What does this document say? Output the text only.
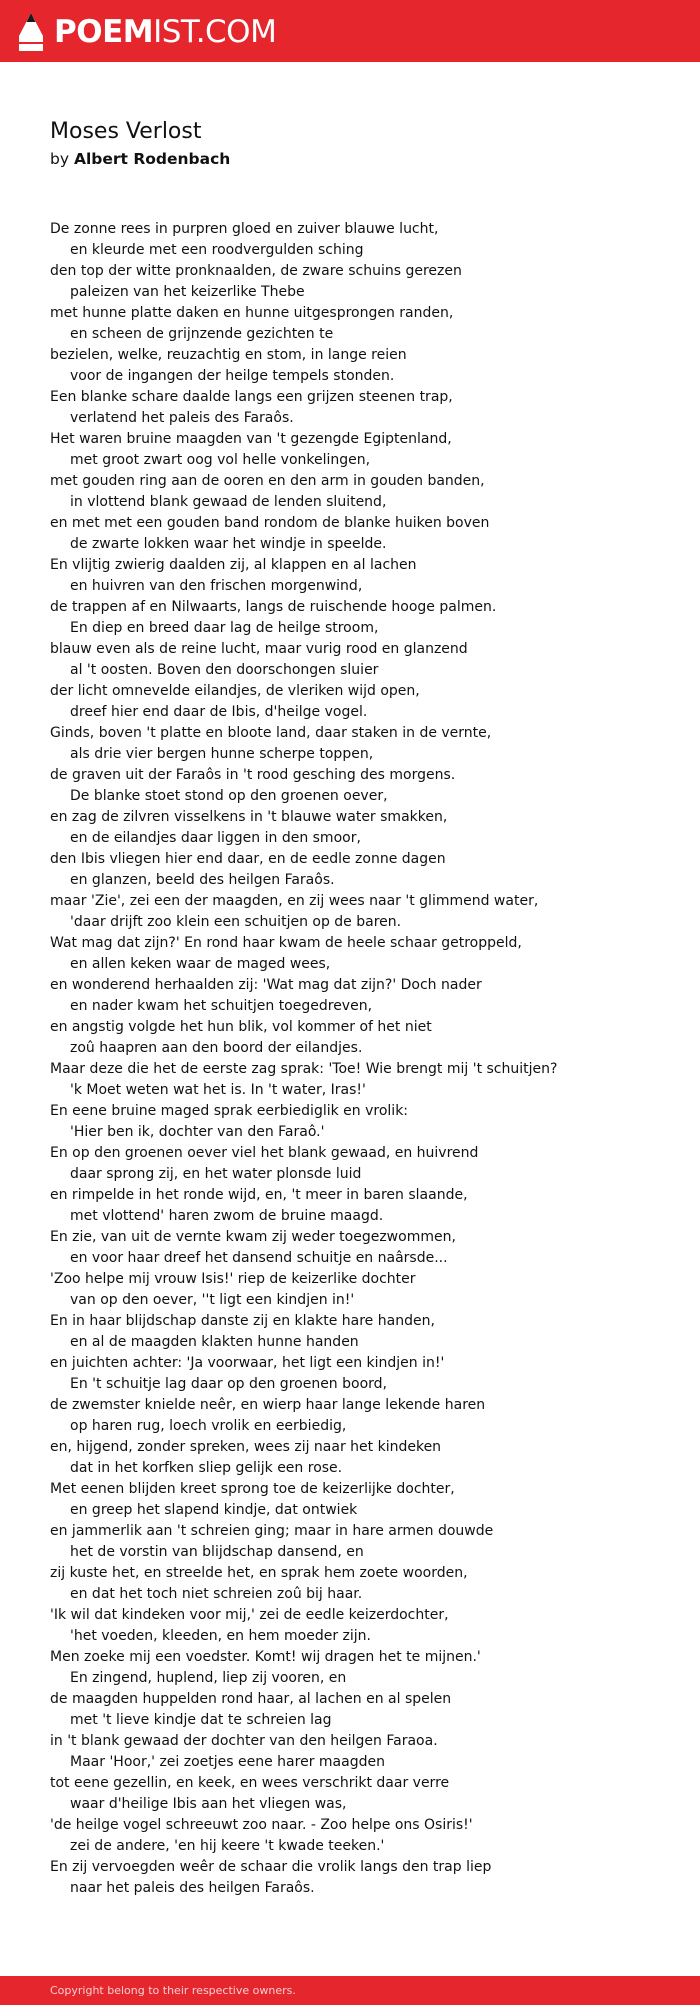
POEMIST.COM
Moses Verlost
by Albert Rodenbach
De zonne rees in purpren gloed en zuiver blauwe lucht,
en kleurde met een roodvergulden sching
den top der witte pronknaalden, de zware schuins gerezen
paleizen van het keizerlike Thebe
met hunne platte daken en hunne uitgesprongen randen,
en scheen de grijnzende gezichten te
bezielen, welke, reuzachtig en stom, in lange reien
voor de ingangen der heilge tempels stonden.
Een blanke schare daalde langs een grijzen steenen trap,
verlatend het paleis des Faraôs.
Het waren bruine maagden van 't gezengde Egiptenland,
met groot zwart oog vol helle vonkelingen,
met gouden ring aan de ooren en den arm in gouden banden,
in vlottend blank gewaad de lenden sluitend,
en met met een gouden band rondom de blanke huiken boven
de zwarte lokken waar het windje in speelde.
En vlijtig zwierig daalden zij, al klappen en al lachen
en huivren van den frischen morgenwind,
de trappen af en Nilwaarts, langs de ruischende hooge palmen.
En diep en breed daar lag de heilge stroom,
blauw even als de reine lucht, maar vurig rood en glanzend
al 't oosten. Boven den doorschongen sluier
der licht omnevelde eilandjes, de vleriken wijd open,
dreef hier end daar de Ibis, d'heilge vogel.
Ginds, boven 't platte en bloote land, daar staken in de vernte,
als drie vier bergen hunne scherpe toppen,
de graven uit der Faraôs in 't rood gesching des morgens.
De blanke stoet stond op den groenen oever,
en zag de zilvren visselkens in 't blauwe water smakken,
en de eilandjes daar liggen in den smoor,
den Ibis vliegen hier end daar, en de eedle zonne dagen
en glanzen, beeld des heilgen Faraôs.
maar 'Zie', zei een der maagden, en zij wees naar 't glimmend water,
'daar drijft zoo klein een schuitjen op de baren.
Wat mag dat zijn?' En rond haar kwam de heele schaar getroppeld,
en allen keken waar de maged wees,
en wonderend herhaalden zij: 'Wat mag dat zijn?' Doch nader
en nader kwam het schuitjen toegedreven,
en angstig volgde het hun blik, vol kommer of het niet
zoû haapren aan den boord der eilandjes.
Maar deze die het de eerste zag sprak: 'Toe! Wie brengt mij 't schuitjen?
'k Moet weten wat het is. In 't water, Iras!'
En eene bruine maged sprak eerbiediglik en vrolik:
'Hier ben ik, dochter van den Faraô.'
En op den groenen oever viel het blank gewaad, en huivrend
daar sprong zij, en het water plonsde luid
en rimpelde in het ronde wijd, en, 't meer in baren slaande,
met vlottend' haren zwom de bruine maagd.
En zie, van uit de vernte kwam zij weder toegezwommen,
en voor haar dreef het dansend schuitje en naârsde...
'Zoo helpe mij vrouw Isis!' riep de keizerlike dochter
van op den oever, ''t ligt een kindjen in!'
En in haar blijdschap danste zij en klakte hare handen,
en al de maagden klakten hunne handen
en juichten achter: 'Ja voorwaar, het ligt een kindjen in!'
En 't schuitje lag daar op den groenen boord,
de zwemster knielde neêr, en wierp haar lange lekende haren
op haren rug, loech vrolik en eerbiedig,
en, hijgend, zonder spreken, wees zij naar het kindeken
dat in het korfken sliep gelijk een rose.
Met eenen blijden kreet sprong toe de keizerlijke dochter,
en greep het slapend kindje, dat ontwiek
en jammerlik aan 't schreien ging; maar in hare armen douwde
het de vorstin van blijdschap dansend, en
zij kuste het, en streelde het, en sprak hem zoete woorden,
en dat het toch niet schreien zoû bij haar.
'Ik wil dat kindeken voor mij,' zei de eedle keizerdochter,
'het voeden, kleeden, en hem moeder zijn.
Men zoeke mij een voedster. Komt! wij dragen het te mijnen.'
En zingend, huplend, liep zij vooren, en
de maagden huppelden rond haar, al lachen en al spelen
met 't lieve kindje dat te schreien lag
in 't blank gewaad der dochter van den heilgen Faraoa.
Maar 'Hoor,' zei zoetjes eene harer maagden
tot eene gezellin, en keek, en wees verschrikt daar verre
waar d'heilige Ibis aan het vliegen was,
'de heilge vogel schreeuwt zoo naar. - Zoo helpe ons Osiris!'
zei de andere, 'en hij keere 't kwade teeken.'
En zij vervoegden weêr de schaar die vrolik langs den trap liep
naar het paleis des heilgen Faraôs.
Copyright belong to their respective owners.
